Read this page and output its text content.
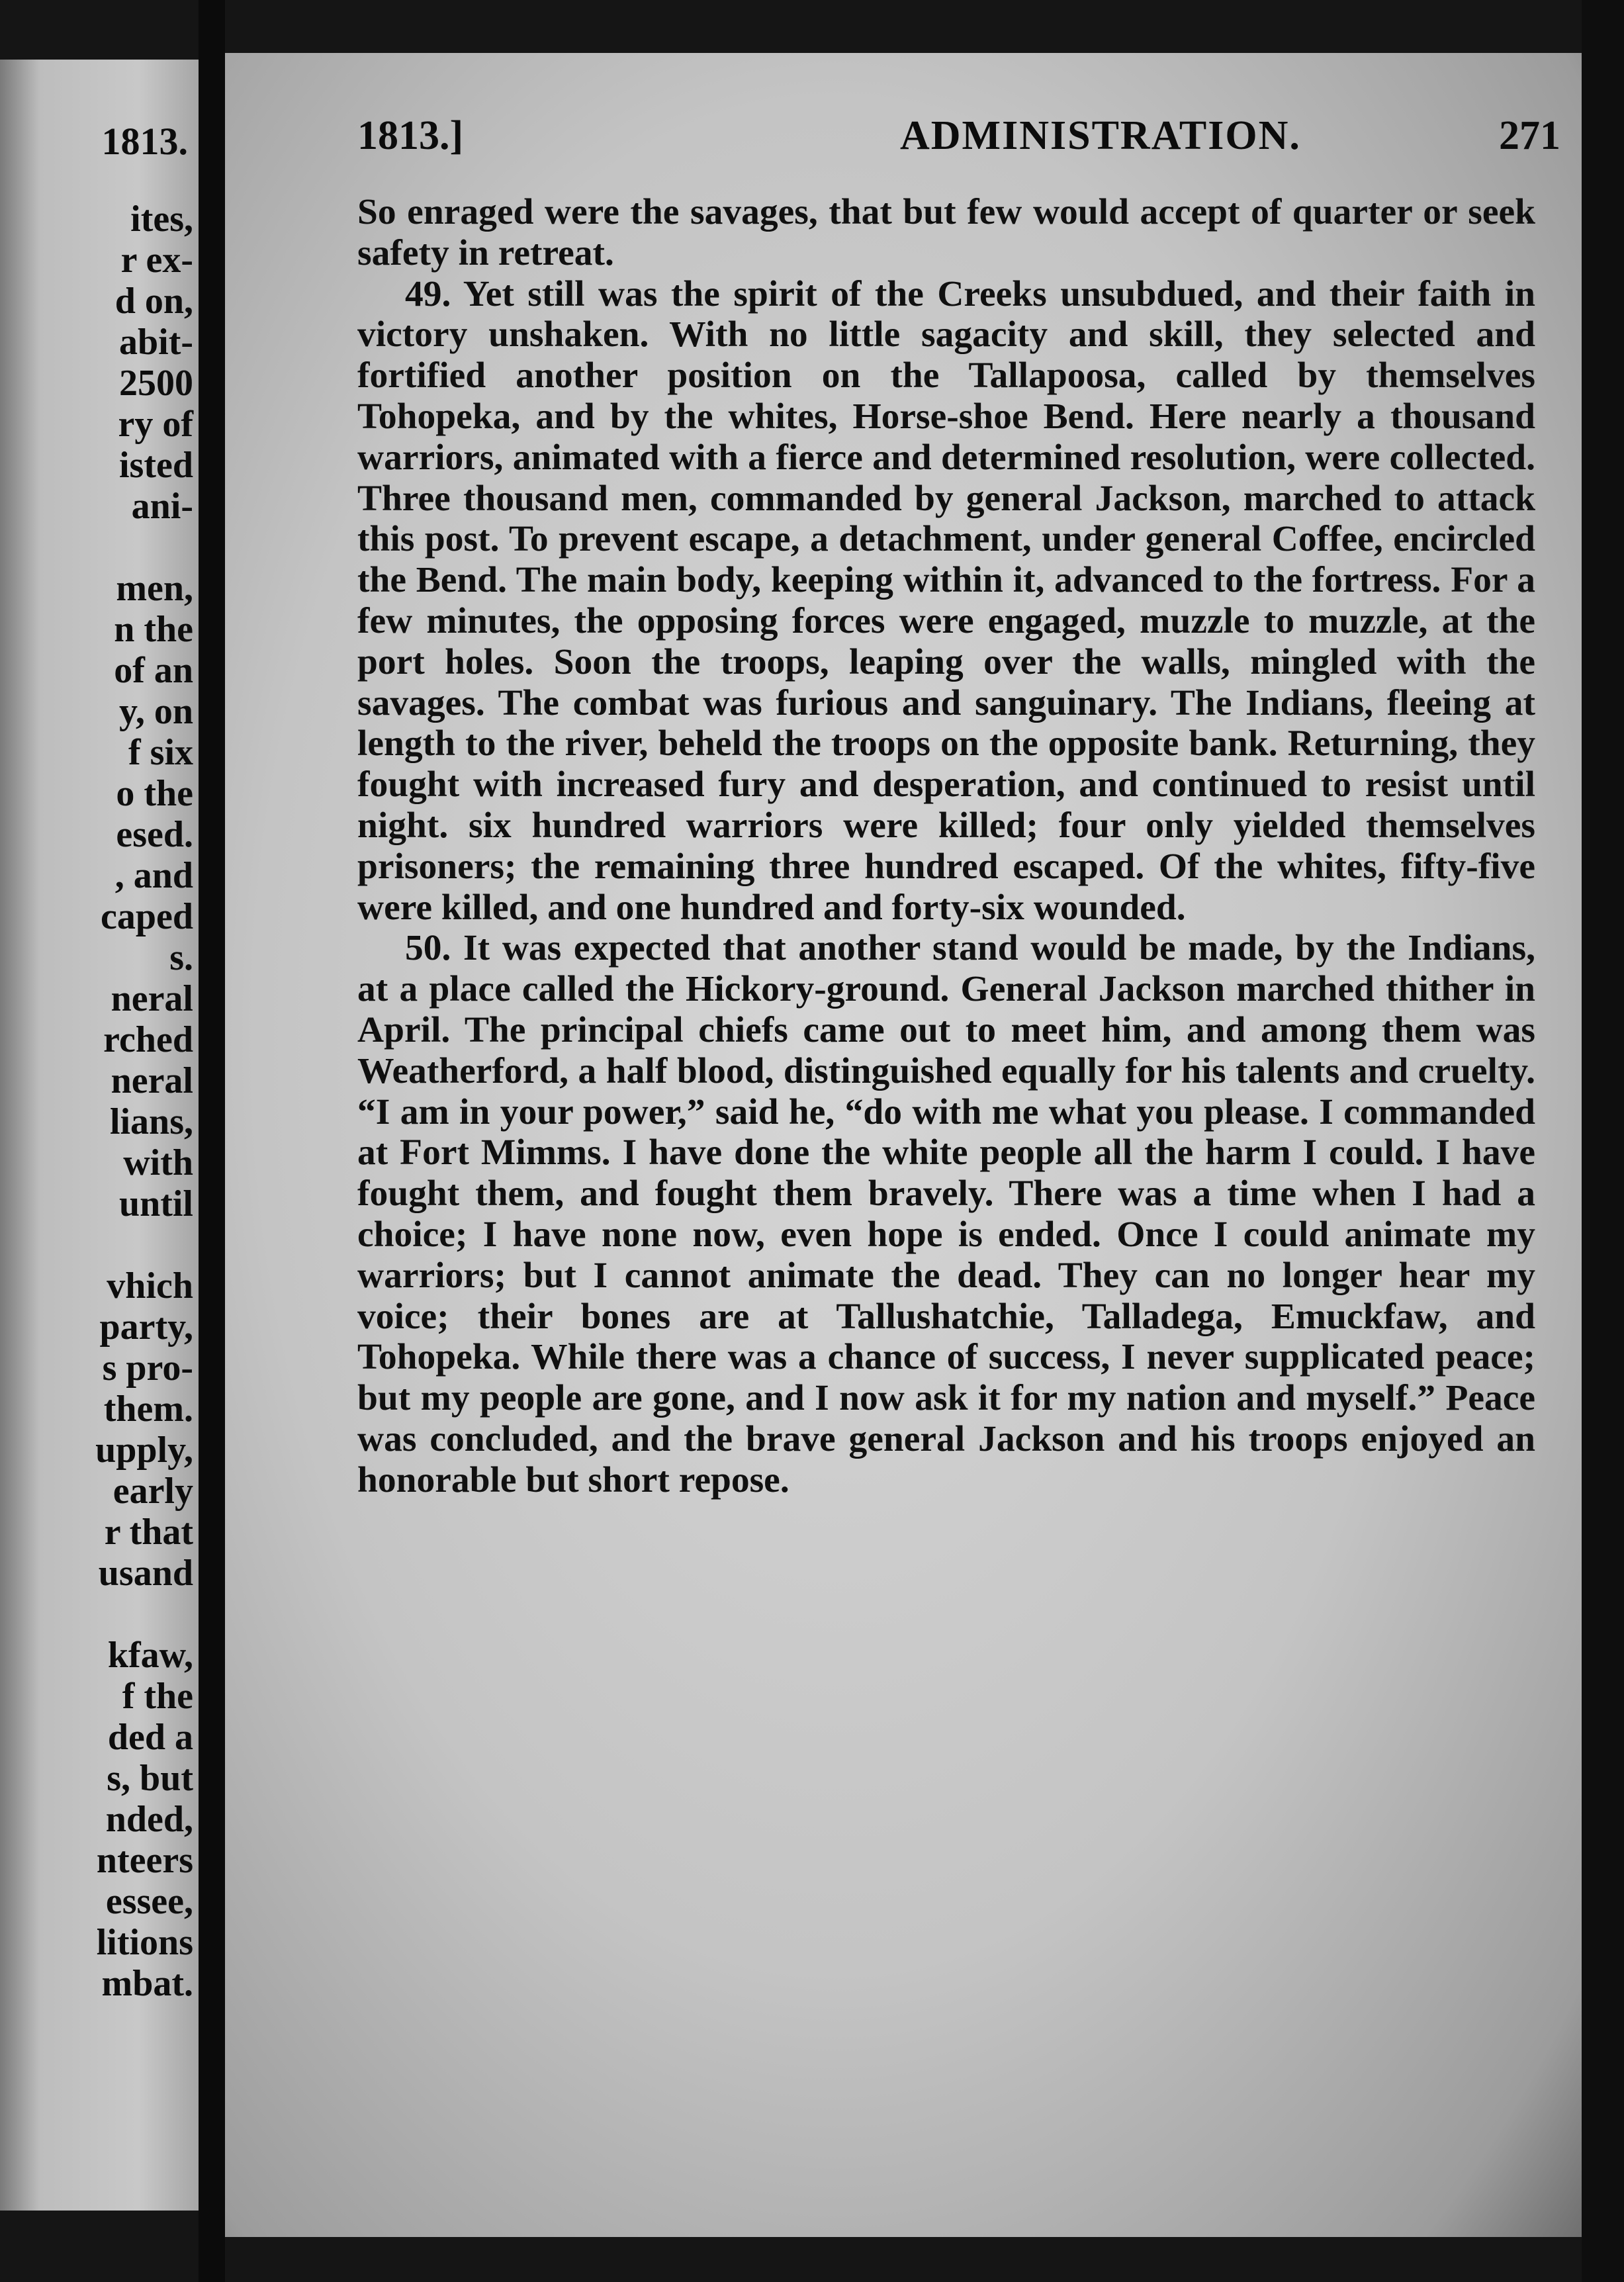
1813.
ites,
r ex-
d on,
abit-
2500
ry of
isted
ani-
men,
n the
of an
y, on
f six
o the
esed.
, and
caped
s.
neral
rched
neral
lians,
with
until
vhich
party,
s pro-
them.
upply,
early
r that
usand
kfaw,
f the
ded a
s, but
nded,
nteers
essee,
litions
mbat.
1813.]	ADMINISTRATION.	271

So enraged were the savages, that but few would accept of quarter or seek safety in retreat.

49. Yet still was the spirit of the Creeks unsubdued, and their faith in victory unshaken. With no little sagacity and skill, they selected and fortified another position on the Tallapoosa, called by themselves Tohopeka, and by the whites, Horse-shoe Bend. Here nearly a thousand warriors, animated with a fierce and determined resolution, were collected. Three thousand men, commanded by general Jackson, marched to attack this post. To prevent escape, a detachment, under general Coffee, encircled the Bend. The main body, keeping within it, advanced to the fortress. For a few minutes, the opposing forces were engaged, muzzle to muzzle, at the port holes. Soon the troops, leaping over the walls, mingled with the savages. The combat was furious and sanguinary. The Indians, fleeing at length to the river, beheld the troops on the opposite bank. Returning, they fought with increased fury and desperation, and continued to resist until night. six hundred warriors were killed; four only yielded themselves prisoners; the remaining three hundred escaped. Of the whites, fifty-five were killed, and one hundred and forty-six wounded.

50. It was expected that another stand would be made, by the Indians, at a place called the Hickory-ground. General Jackson marched thither in April. The principal chiefs came out to meet him, and among them was Weatherford, a half blood, distinguished equally for his talents and cruelty. “I am in your power,” said he, “do with me what you please. I commanded at Fort Mimms. I have done the white people all the harm I could. I have fought them, and fought them bravely. There was a time when I had a choice; I have none now, even hope is ended. Once I could animate my warriors; but I cannot animate the dead. They can no longer hear my voice; their bones are at Tallushatchie, Talladega, Emuckfaw, and Tohopeka. While there was a chance of success, I never supplicated peace; but my people are gone, and I now ask it for my nation and myself.” Peace was concluded, and the brave general Jackson and his troops enjoyed an honorable but short repose.
